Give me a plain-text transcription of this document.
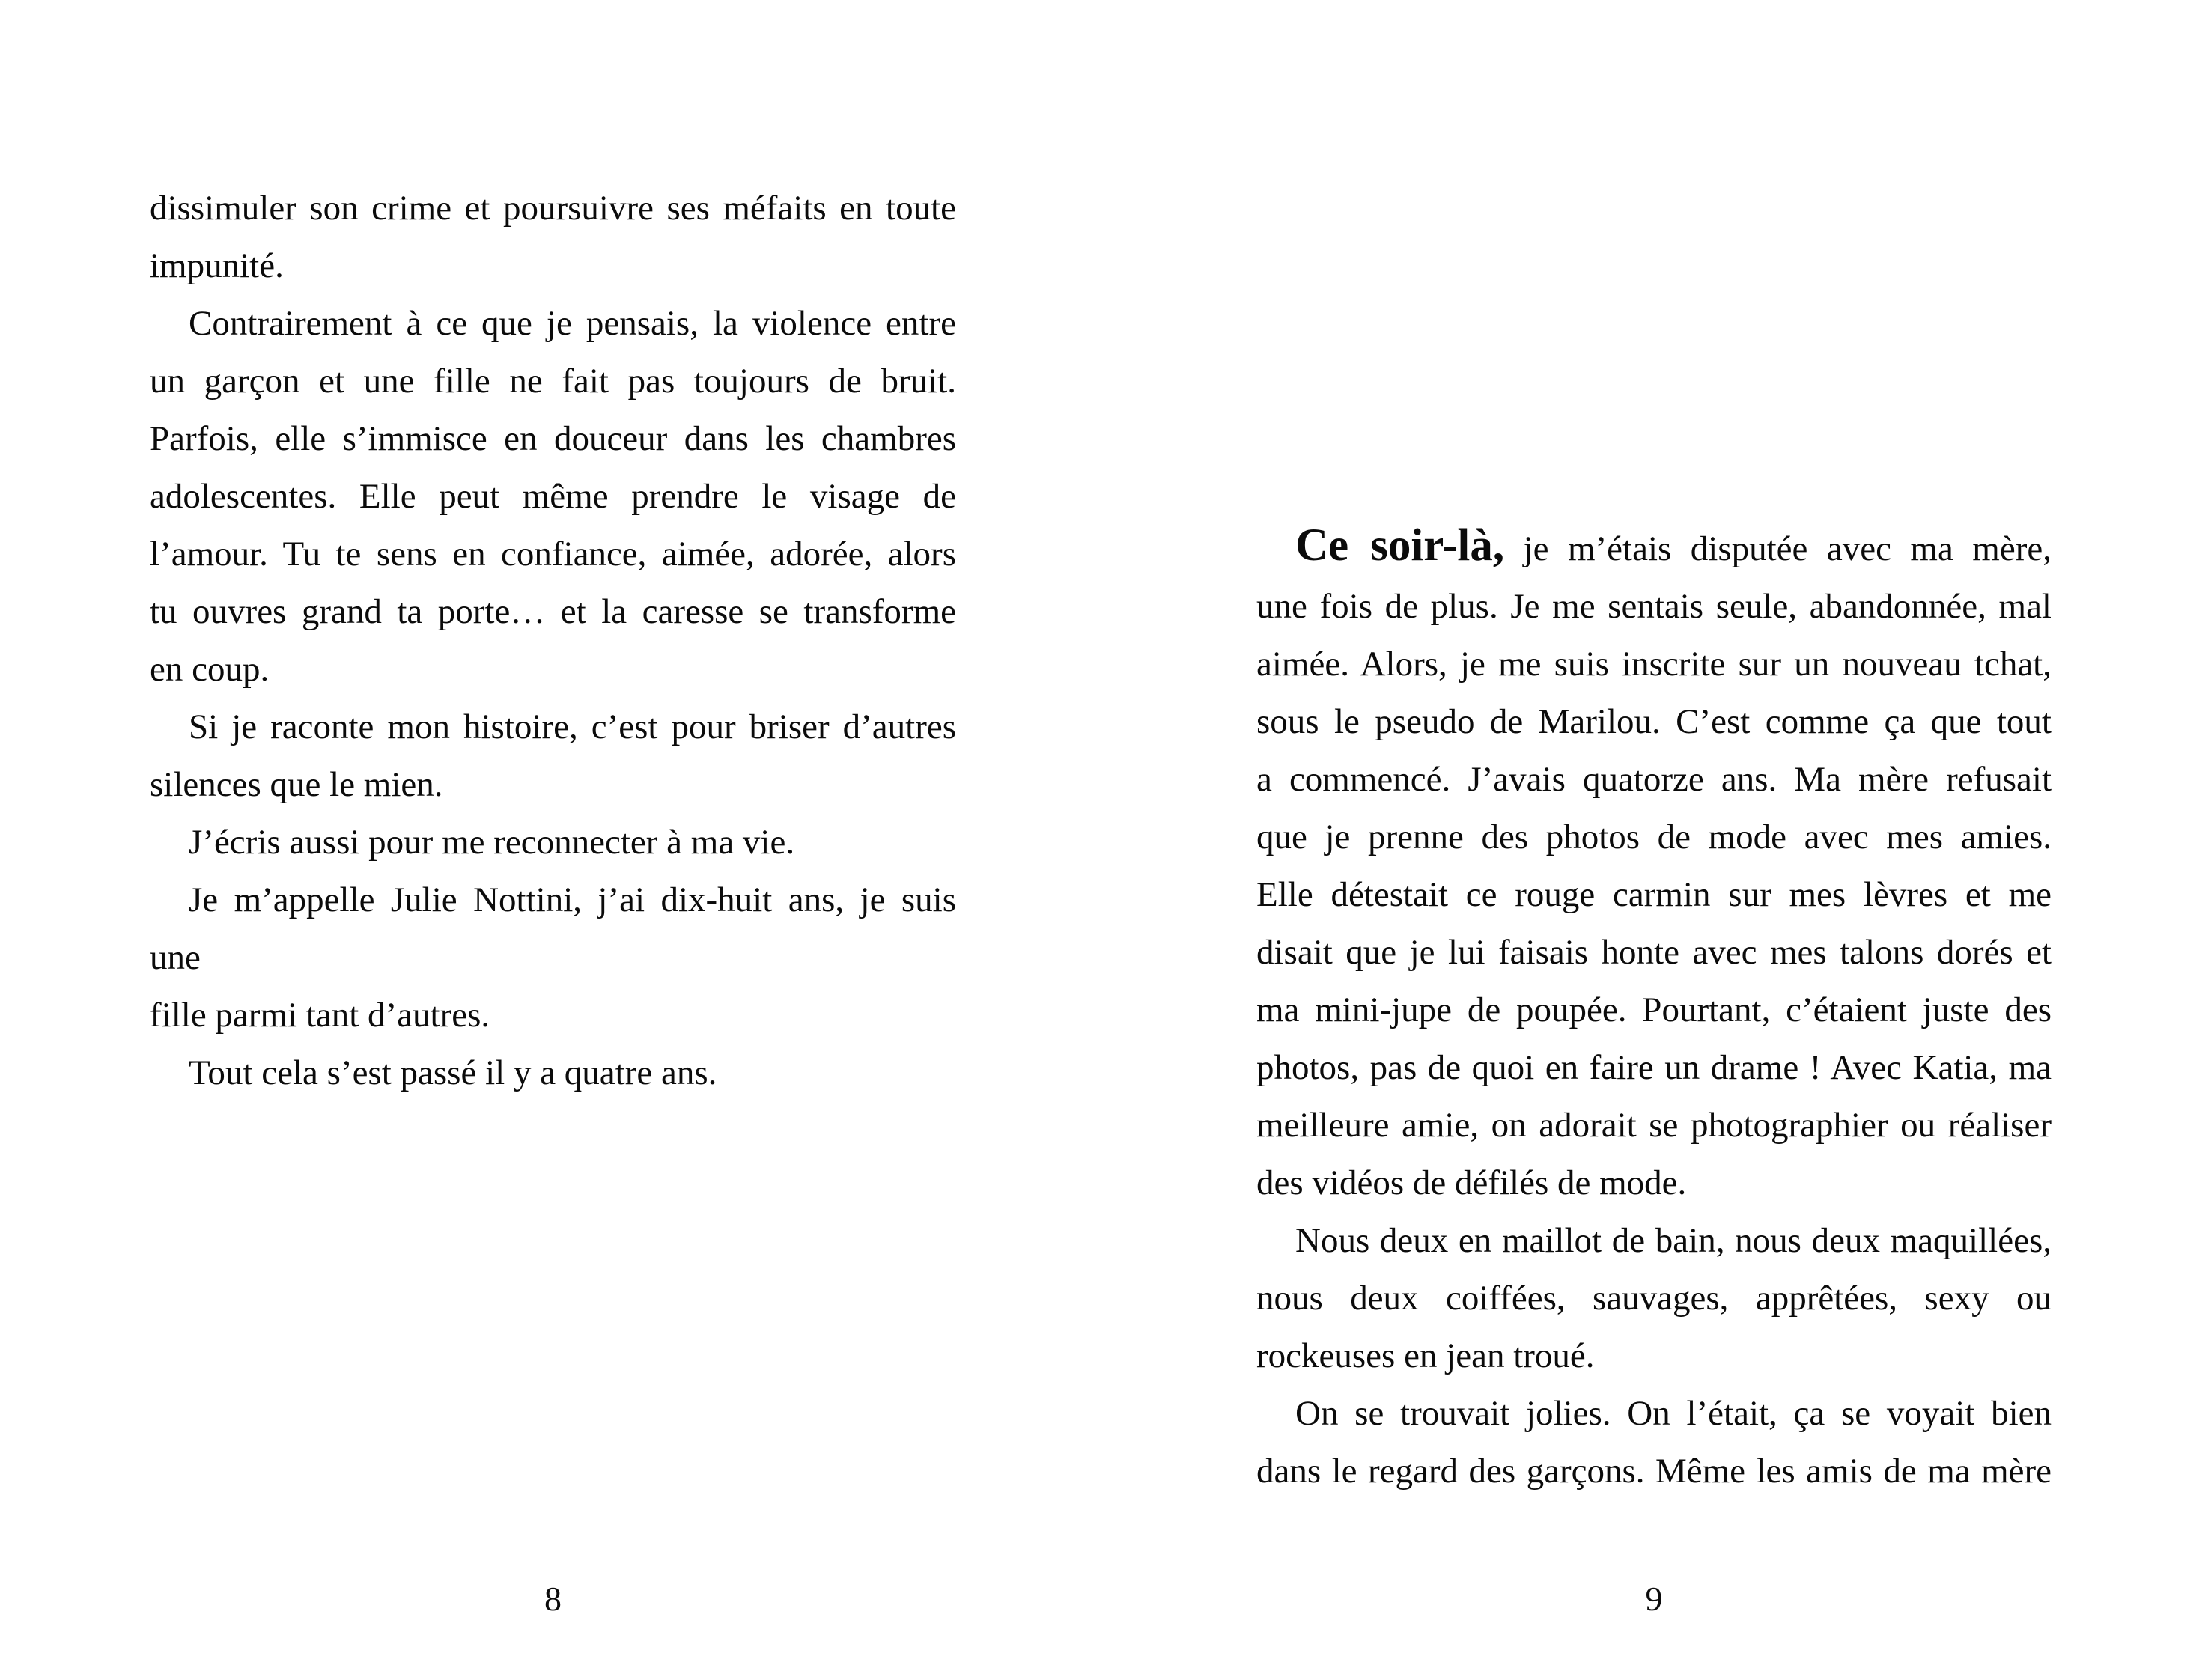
dissimuler son crime et poursuivre ses méfaits en toute
impunité.
Contrairement à ce que je pensais, la violence entre
un garçon et une fille ne fait pas toujours de bruit.
Parfois, elle s’immisce en douceur dans les chambres
adolescentes. Elle peut même prendre le visage de
l’amour. Tu te sens en confiance, aimée, adorée, alors
tu ouvres grand ta porte… et la caresse se transforme
en coup.
Si je raconte mon histoire, c’est pour briser d’autres
silences que le mien.
J’écris aussi pour me reconnecter à ma vie.
Je m’appelle Julie Nottini, j’ai dix-huit ans, je suis une
fille parmi tant d’autres.
Tout cela s’est passé il y a quatre ans.
8
Ce soir-là, je m’étais disputée avec ma mère,
une fois de plus. Je me sentais seule, abandonnée, mal
aimée. Alors, je me suis inscrite sur un nouveau tchat,
sous le pseudo de Marilou. C’est comme ça que tout
a commencé. J’avais quatorze ans. Ma mère refusait
que je prenne des photos de mode avec mes amies.
Elle détestait ce rouge carmin sur mes lèvres et me
disait que je lui faisais honte avec mes talons dorés et
ma mini-jupe de poupée. Pourtant, c’étaient juste des
photos, pas de quoi en faire un drame ! Avec Katia, ma
meilleure amie, on adorait se photographier ou réaliser
des vidéos de défilés de mode.
Nous deux en maillot de bain, nous deux maquillées,
nous deux coiffées, sauvages, apprêtées, sexy ou
rockeuses en jean troué.
On se trouvait jolies. On l’était, ça se voyait bien
dans le regard des garçons. Même les amis de ma mère
9
